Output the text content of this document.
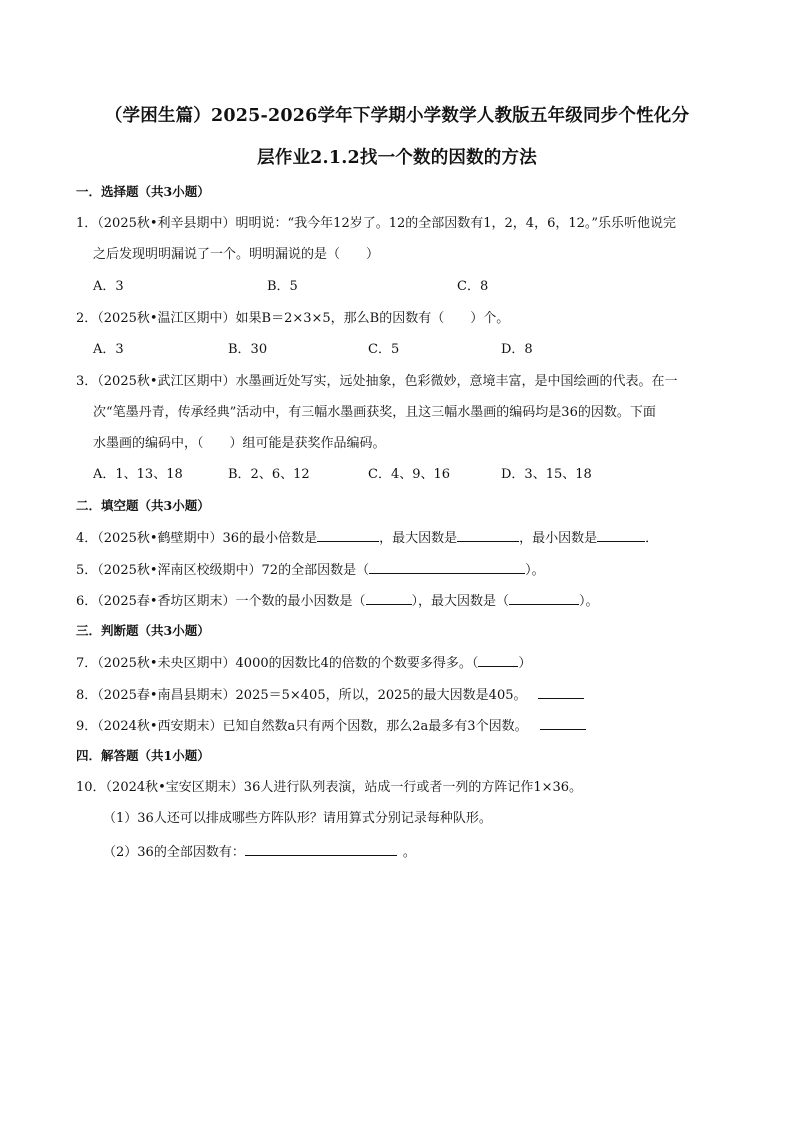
（学困生篇）2025-2026学年下学期小学数学人教版五年级同步个性化分
层作业2.1.2找一个数的因数的方法
一．选择题（共3小题）
1．（2025秋•利辛县期中）明明说：“我今年12岁了。12的全部因数有1，2，4，6，12。”乐乐听他说完
之后发现明明漏说了一个。明明漏说的是（　　）
A．3	B．5	C．8
2．（2025秋•温江区期中）如果B＝2×3×5，那么B的因数有（　　）个。
A．3	B．30	C．5	D．8
3．（2025秋•武江区期中）水墨画近处写实，远处抽象，色彩微妙，意境丰富，是中国绘画的代表。在一
次“笔墨丹青，传承经典”活动中，有三幅水墨画获奖，且这三幅水墨画的编码均是36的因数。下面
水墨画的编码中，（　　）组可能是获奖作品编码。
A．1、13、18	B．2、6、12	C．4、9、16	D．3、15、18
二．填空题（共3小题）
4．（2025秋•鹤壁期中）36的最小倍数是	，最大因数是	，最小因数是	．
5．（2025秋•浑南区校级期中）72的全部因数是（	）。
6．（2025春•香坊区期末）一个数的最小因数是（	），最大因数是（	）。
三．判断题（共3小题）
7．（2025秋•未央区期中）4000的因数比4的倍数的个数要多得多。（	）
8．（2025春•南昌县期末）2025＝5×405，所以，2025的最大因数是405。
9．（2024秋•西安期末）已知自然数a只有两个因数，那么2a最多有3个因数。
四．解答题（共1小题）
10．（2024秋•宝安区期末）36人进行队列表演，站成一行或者一列的方阵记作1×36。
（1）36人还可以排成哪些方阵队形？请用算式分别记录每种队形。
（2）36的全部因数有：	。
